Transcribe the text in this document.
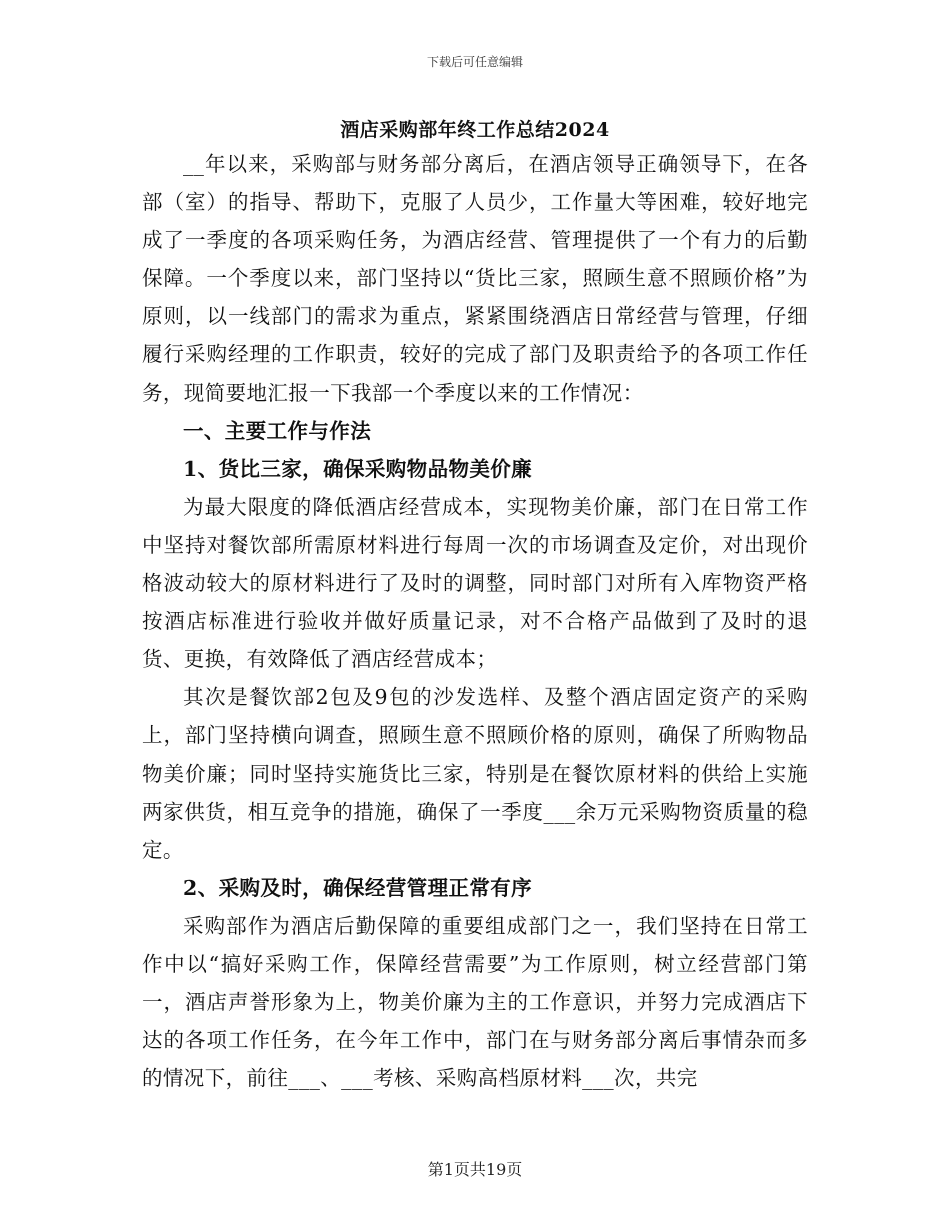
下载后可任意编辑
酒店采购部年终工作总结2024

__年以来，采购部与财务部分离后，在酒店领导正确领导下，在各部（室）的指导、帮助下，克服了人员少，工作量大等困难，较好地完成了一季度的各项采购任务，为酒店经营、管理提供了一个有力的后勤保障。一个季度以来，部门坚持以“货比三家，照顾生意不照顾价格”为原则，以一线部门的需求为重点，紧紧围绕酒店日常经营与管理，仔细履行采购经理的工作职责，较好的完成了部门及职责给予的各项工作任务，现简要地汇报一下我部一个季度以来的工作情况：

一、主要工作与作法

1、货比三家，确保采购物品物美价廉

为最大限度的降低酒店经营成本，实现物美价廉，部门在日常工作中坚持对餐饮部所需原材料进行每周一次的市场调查及定价，对出现价格波动较大的原材料进行了及时的调整，同时部门对所有入库物资严格按酒店标准进行验收并做好质量记录，对不合格产品做到了及时的退货、更换，有效降低了酒店经营成本；

其次是餐饮部2包及9包的沙发选样、及整个酒店固定资产的采购上，部门坚持横向调查，照顾生意不照顾价格的原则，确保了所购物品物美价廉；同时坚持实施货比三家，特别是在餐饮原材料的供给上实施两家供货，相互竞争的措施，确保了一季度___余万元采购物资质量的稳定。

2、采购及时，确保经营管理正常有序

采购部作为酒店后勤保障的重要组成部门之一，我们坚持在日常工作中以“搞好采购工作，保障经营需要”为工作原则，树立经营部门第一，酒店声誉形象为上，物美价廉为主的工作意识，并努力完成酒店下达的各项工作任务，在今年工作中，部门在与财务部分离后事情杂而多的情况下，前往___、___考核、采购高档原材料___次，共完

第1页共19页
